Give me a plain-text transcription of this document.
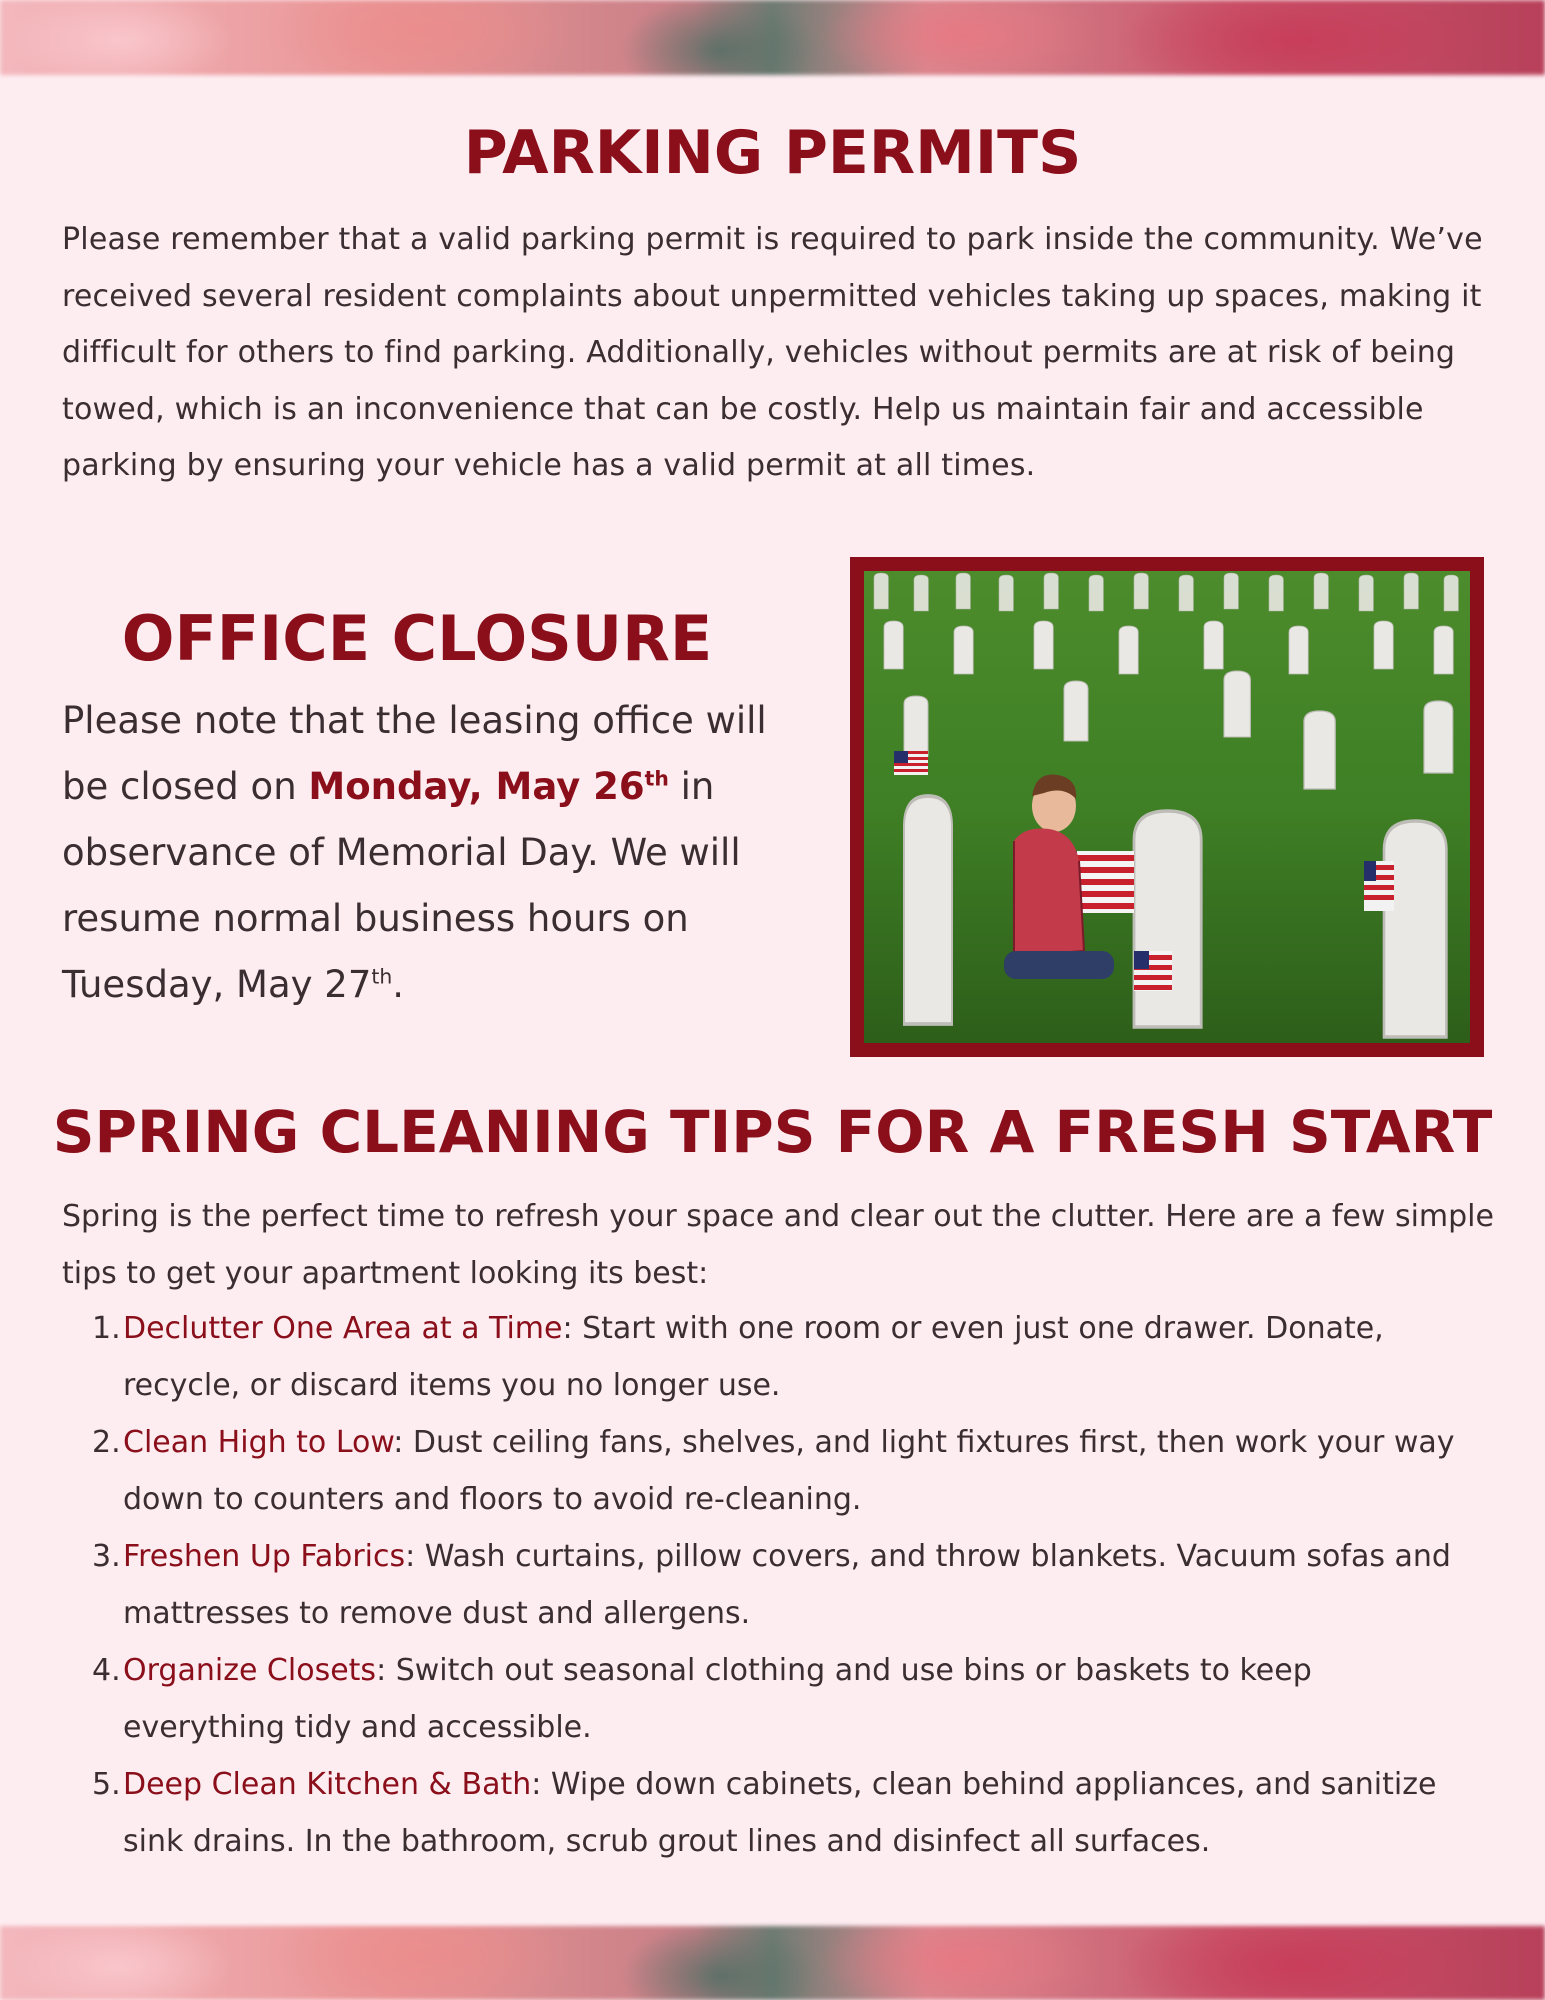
PARKING PERMITS

Please remember that a valid parking permit is required to park inside the community. We’ve received several resident complaints about unpermitted vehicles taking up spaces, making it difficult for others to find parking. Additionally, vehicles without permits are at risk of being towed, which is an inconvenience that can be costly. Help us maintain fair and accessible parking by ensuring your vehicle has a valid permit at all times.

OFFICE CLOSURE

Please note that the leasing office will be closed on Monday, May 26th in observance of Memorial Day. We will resume normal business hours on Tuesday, May 27th.

SPRING CLEANING TIPS FOR A FRESH START

Spring is the perfect time to refresh your space and clear out the clutter. Here are a few simple tips to get your apartment looking its best:

1. Declutter One Area at a Time: Start with one room or even just one drawer. Donate, recycle, or discard items you no longer use.
2. Clean High to Low: Dust ceiling fans, shelves, and light fixtures first, then work your way down to counters and floors to avoid re-cleaning.
3. Freshen Up Fabrics: Wash curtains, pillow covers, and throw blankets. Vacuum sofas and mattresses to remove dust and allergens.
4. Organize Closets: Switch out seasonal clothing and use bins or baskets to keep everything tidy and accessible.
5. Deep Clean Kitchen & Bath: Wipe down cabinets, clean behind appliances, and sanitize sink drains. In the bathroom, scrub grout lines and disinfect all surfaces.
